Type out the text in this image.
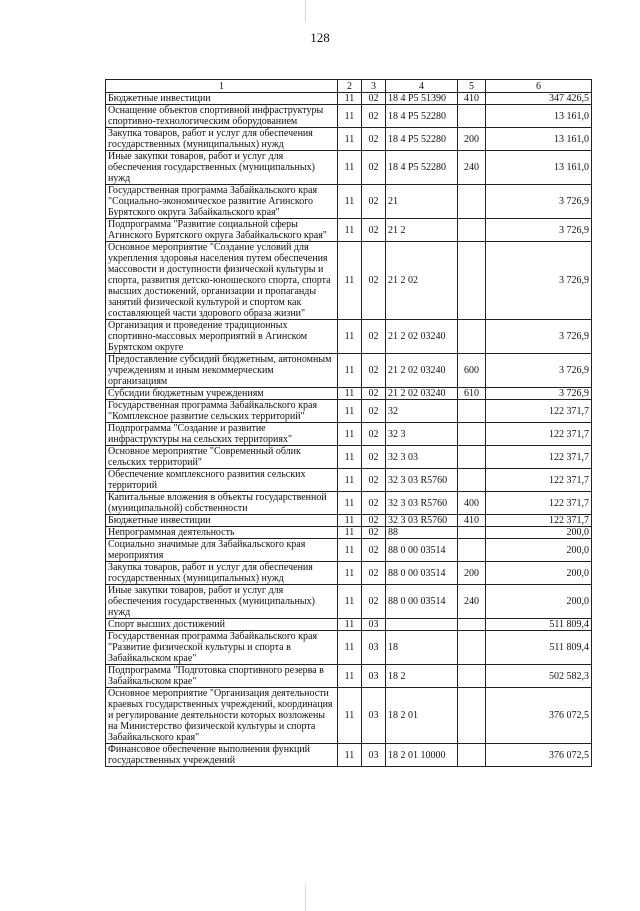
128
1	2	3	4	5	6
Бюджетные инвестиции	11	02	18 4 P5 51390	410	347 426,5
Оснащение объектов спортивной инфраструктуры спортивно-технологическим оборудованием	11	02	18 4 P5 52280		13 161,0
Закупка товаров, работ и услуг для обеспечения государственных (муниципальных) нужд	11	02	18 4 P5 52280	200	13 161,0
Иные закупки товаров, работ и услуг для обеспечения государственных (муниципальных) нужд	11	02	18 4 P5 52280	240	13 161,0
Государственная программа Забайкальского края "Социально-экономическое развитие Агинского Бурятского округа Забайкальского края"	11	02	21		3 726,9
Подпрограмма "Развитие социальной сферы Агинского Бурятского округа Забайкальского края"	11	02	21 2		3 726,9
Основное мероприятие "Создание условий для укрепления здоровья населения путем обеспечения массовости и доступности физической культуры и спорта, развития детско-юношеского спорта, спорта высших достижений, организации и пропаганды занятий физической культурой и спортом как составляющей части здорового образа жизни"	11	02	21 2 02		3 726,9
Организация и проведение традиционных спортивно-массовых мероприятий в Агинском Бурятском округе	11	02	21 2 02 03240		3 726,9
Предоставление субсидий бюджетным, автономным учреждениям и иным некоммерческим организациям	11	02	21 2 02 03240	600	3 726,9
Субсидии бюджетным учреждениям	11	02	21 2 02 03240	610	3 726,9
Государственная программа Забайкальского края "Комплексное развитие сельских территорий"	11	02	32		122 371,7
Подпрограмма "Создание и развитие инфраструктуры на сельских территориях"	11	02	32 3		122 371,7
Основное мероприятие "Современный облик сельских территорий"	11	02	32 3 03		122 371,7
Обеспечение комплексного развития сельских территорий	11	02	32 3 03 R5760		122 371,7
Капитальные вложения в объекты государственной (муниципальной) собственности	11	02	32 3 03 R5760	400	122 371,7
Бюджетные инвестиции	11	02	32 3 03 R5760	410	122 371,7
Непрограммная деятельность	11	02	88		200,0
Социально значимые для Забайкальского края мероприятия	11	02	88 0 00 03514		200,0
Закупка товаров, работ и услуг для обеспечения государственных (муниципальных) нужд	11	02	88 0 00 03514	200	200,0
Иные закупки товаров, работ и услуг для обеспечения государственных (муниципальных) нужд	11	02	88 0 00 03514	240	200,0
Спорт высших достижений	11	03			511 809,4
Государственная программа Забайкальского края "Развитие физической культуры и спорта в Забайкальском крае"	11	03	18		511 809,4
Подпрограмма "Подготовка спортивного резерва в Забайкальском крае"	11	03	18 2		502 582,3
Основное мероприятие "Организация деятельности краевых государственных учреждений, координация и регулирование деятельности которых возложены на Министерство физической культуры и спорта Забайкальского края"	11	03	18 2 01		376 072,5
Финансовое обеспечение выполнения функций государственных учреждений	11	03	18 2 01 10000		376 072,5
